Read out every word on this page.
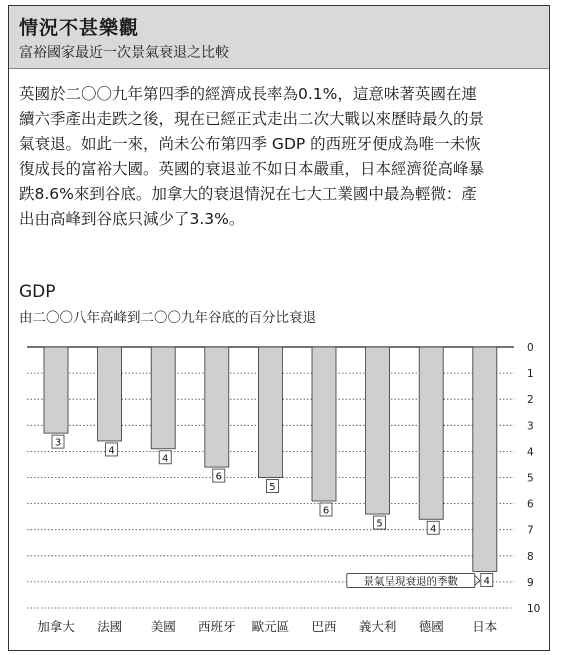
情況不甚樂觀
富裕國家最近一次景氣衰退之比較

英國於二〇〇九年第四季的經濟成長率為0.1%，這意味著英國在連

續六季產出走跌之後，現在已經正式走出二次大戰以來歷時最久的景

氣衰退。如此一來，尚未公布第四季 GDP 的西班牙便成為唯一未恢

復成長的富裕大國。英國的衰退並不如日本嚴重，日本經濟從高峰暴

跌8.6%來到谷底。加拿大的衰退情況在七大工業國中最為輕微：產

出由高峰到谷底只減少了3.3%。

GDP
由二〇〇八年高峰到二〇〇九年谷底的百分比衰退
0
1
2
3
4
5
6
7
8
9
10
3
加拿大
4
法國
4
美國
6
西班牙
5
歐元區
6
巴西
5
義大利
4
德國
4
日本
景氣呈現衰退的季數
